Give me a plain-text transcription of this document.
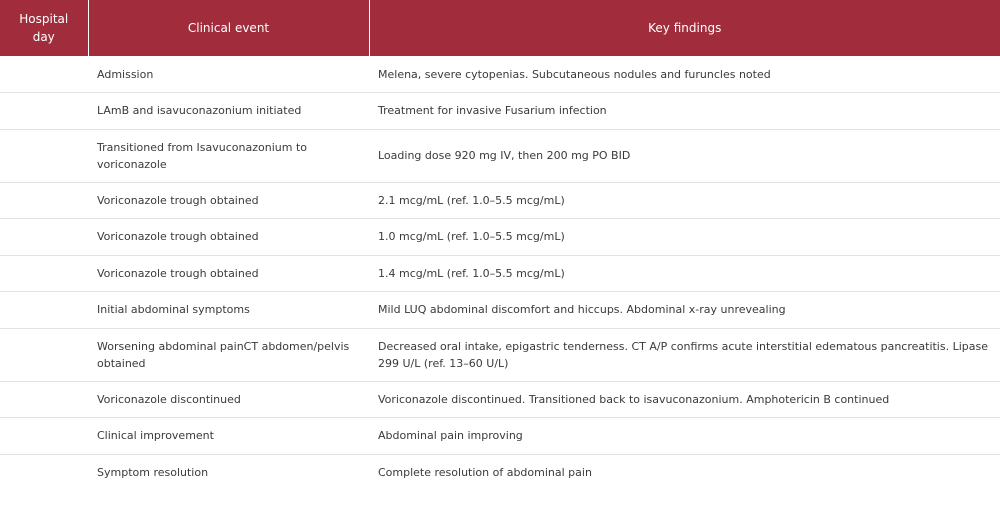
Hospital day	Clinical event	Key findings
	Admission	Melena, severe cytopenias. Subcutaneous nodules and furuncles noted
	LAmB and isavuconazonium initiated	Treatment for invasive Fusarium infection
	Transitioned from Isavuconazonium to voriconazole	Loading dose 920 mg IV, then 200 mg PO BID
	Voriconazole trough obtained	2.1 mcg/mL (ref. 1.0–5.5 mcg/mL)
	Voriconazole trough obtained	1.0 mcg/mL (ref. 1.0–5.5 mcg/mL)
	Voriconazole trough obtained	1.4 mcg/mL (ref. 1.0–5.5 mcg/mL)
	Initial abdominal symptoms	Mild LUQ abdominal discomfort and hiccups. Abdominal x-ray unrevealing
	Worsening abdominal painCT abdomen/pelvis obtained	Decreased oral intake, epigastric tenderness. CT A/P confirms acute interstitial edematous pancreatitis. Lipase 299 U/L (ref. 13–60 U/L)
	Voriconazole discontinued	Voriconazole discontinued. Transitioned back to isavuconazonium. Amphotericin B continued
	Clinical improvement	Abdominal pain improving
	Symptom resolution	Complete resolution of abdominal pain
